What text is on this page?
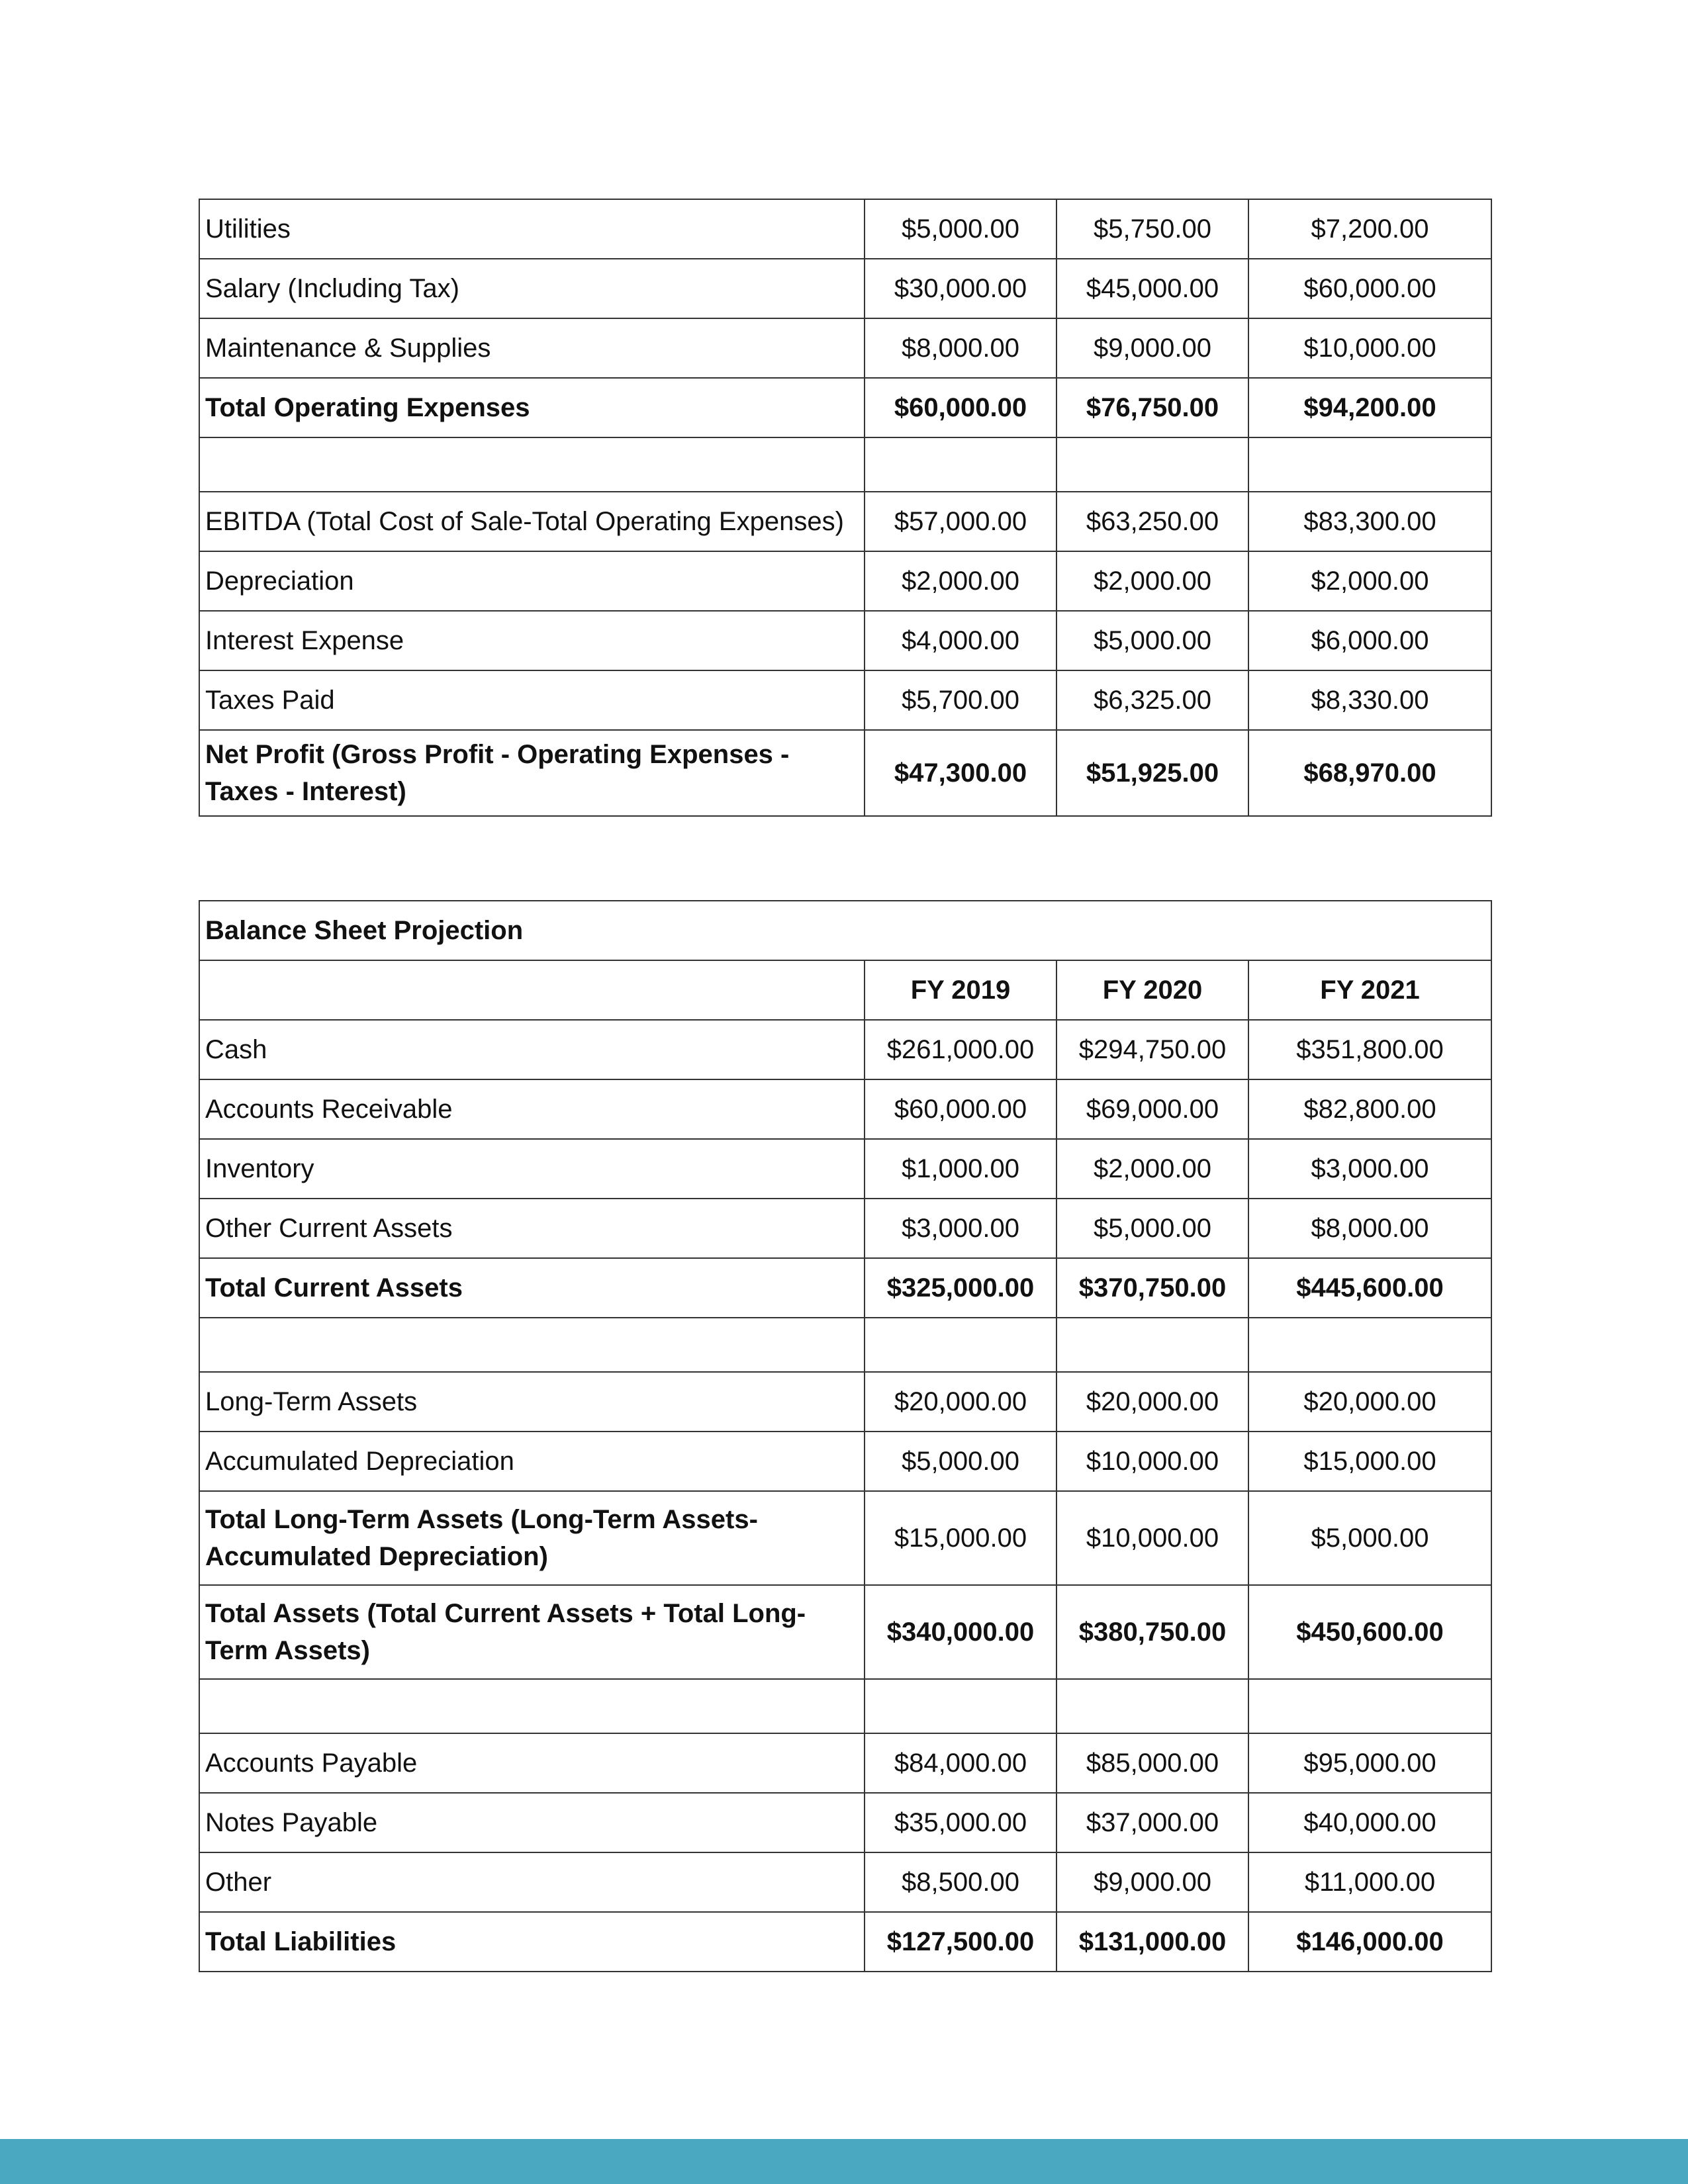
Utilities	$5,000.00	$5,750.00	$7,200.00
Salary (Including Tax)	$30,000.00	$45,000.00	$60,000.00
Maintenance & Supplies	$8,000.00	$9,000.00	$10,000.00
Total Operating Expenses	$60,000.00	$76,750.00	$94,200.00

EBITDA (Total Cost of Sale-Total Operating Expenses)	$57,000.00	$63,250.00	$83,300.00
Depreciation	$2,000.00	$2,000.00	$2,000.00
Interest Expense	$4,000.00	$5,000.00	$6,000.00
Taxes Paid	$5,700.00	$6,325.00	$8,330.00
Net Profit (Gross Profit - Operating Expenses - Taxes - Interest)	$47,300.00	$51,925.00	$68,970.00
Balance Sheet Projection			
	FY 2019	FY 2020	FY 2021
Cash	$261,000.00	$294,750.00	$351,800.00
Accounts Receivable	$60,000.00	$69,000.00	$82,800.00
Inventory	$1,000.00	$2,000.00	$3,000.00
Other Current Assets	$3,000.00	$5,000.00	$8,000.00
Total Current Assets	$325,000.00	$370,750.00	$445,600.00

Long-Term Assets	$20,000.00	$20,000.00	$20,000.00
Accumulated Depreciation	$5,000.00	$10,000.00	$15,000.00
Total Long-Term Assets (Long-Term Assets-Accumulated Depreciation)	$15,000.00	$10,000.00	$5,000.00
Total Assets (Total Current Assets + Total Long-Term Assets)	$340,000.00	$380,750.00	$450,600.00

Accounts Payable	$84,000.00	$85,000.00	$95,000.00
Notes Payable	$35,000.00	$37,000.00	$40,000.00
Other	$8,500.00	$9,000.00	$11,000.00
Total Liabilities	$127,500.00	$131,000.00	$146,000.00
